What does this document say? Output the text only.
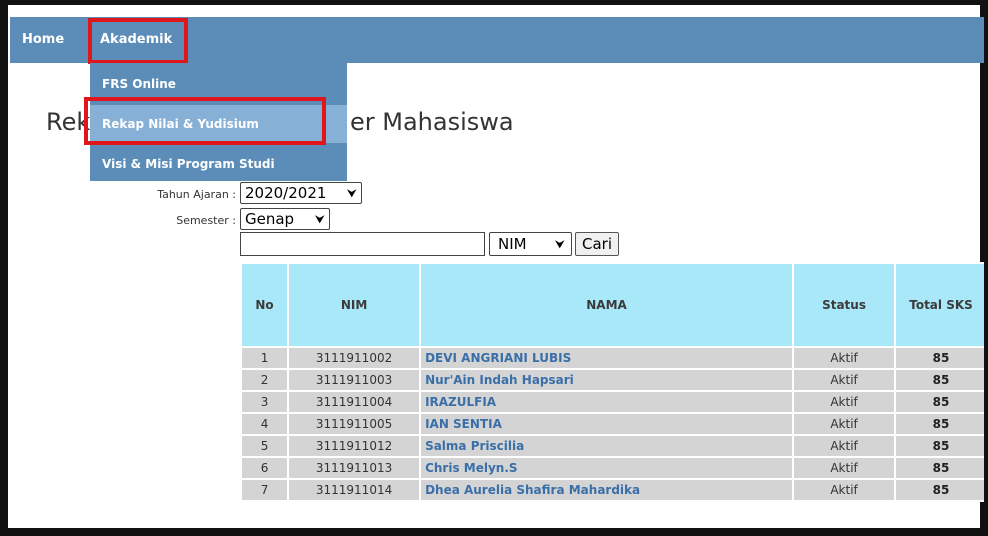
Home	Akademik
Rek	er Mahasiswa
FRS Online
Rekap Nilai & Yudisium
Visi & Misi Program Studi
Tahun Ajaran : 2020/2021 ⮟
Semester : Genap ⮟
NIM ⮟	Cari
No	NIM	NAMA	Status	Total SKS
1	3111911002	DEVI ANGRIANI LUBIS	Aktif	85
2	3111911003	Nur'Ain Indah Hapsari	Aktif	85
3	3111911004	IRAZULFIA	Aktif	85
4	3111911005	IAN SENTIA	Aktif	85
5	3111911012	Salma Priscilia	Aktif	85
6	3111911013	Chris Melyn.S	Aktif	85
7	3111911014	Dhea Aurelia Shafira Mahardika	Aktif	85
